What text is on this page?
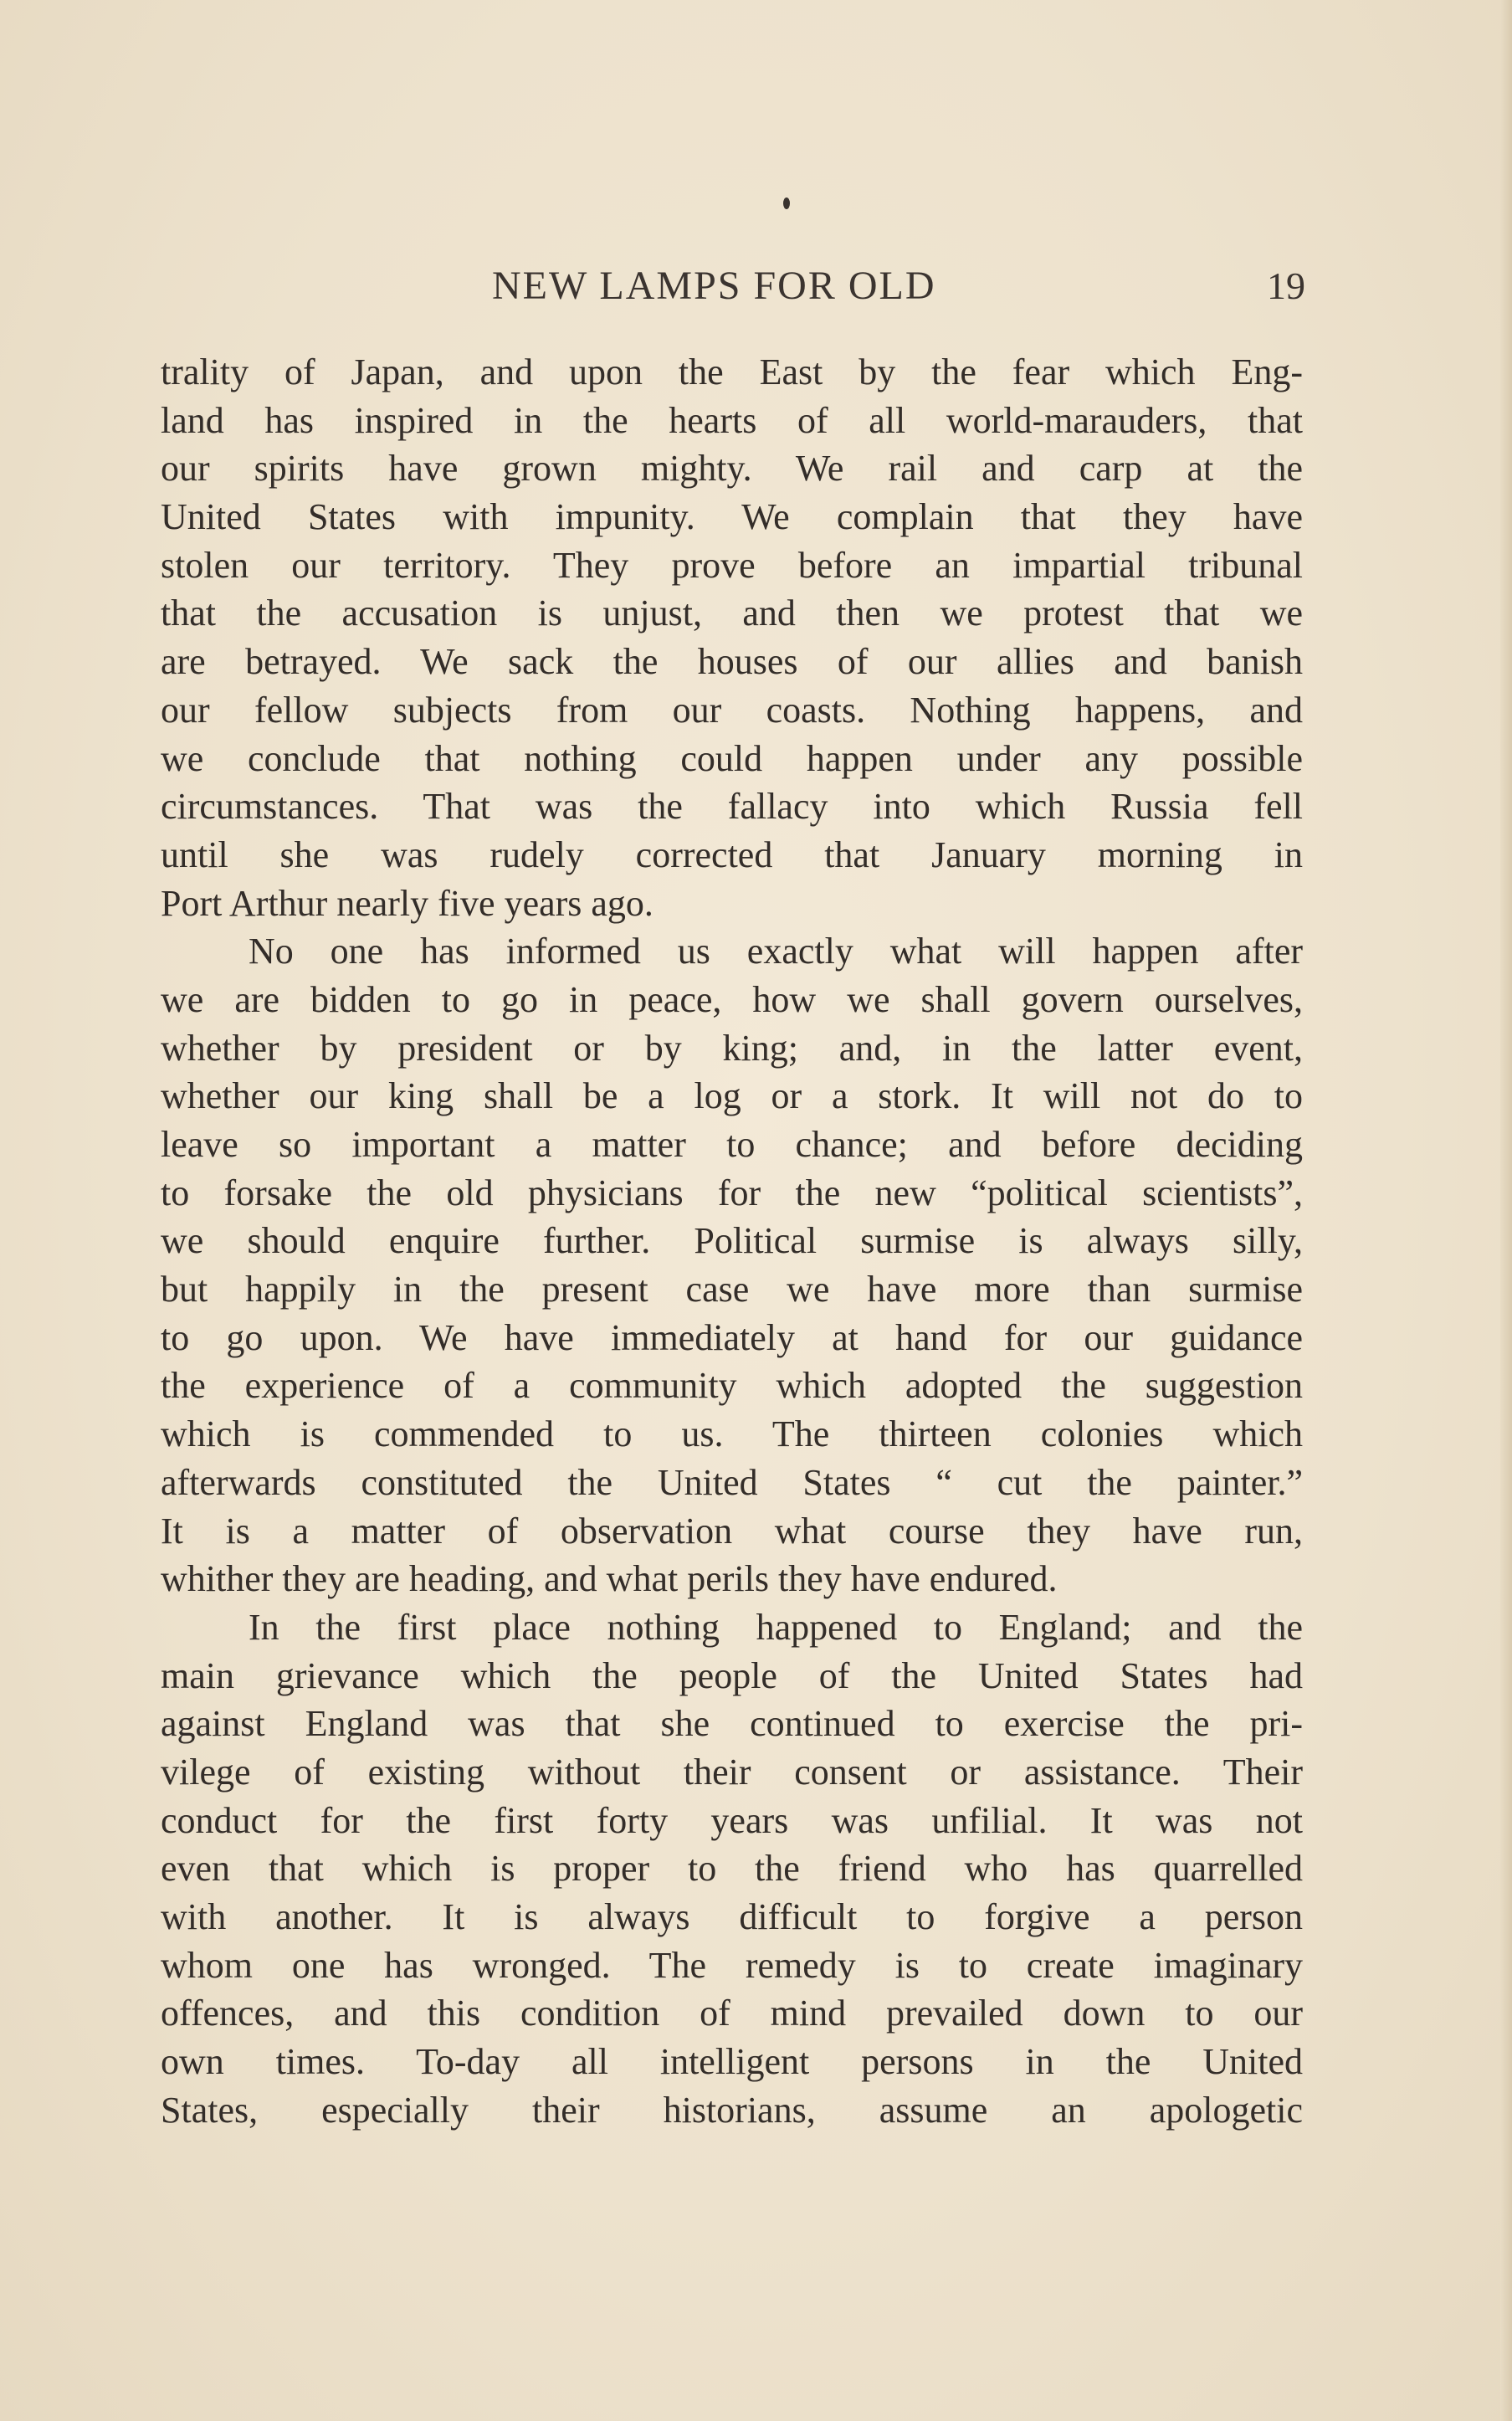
NEW LAMPS FOR OLD	19
trality of Japan, and upon the East by the fear which Eng-
land has inspired in the hearts of all world-marauders, that
our spirits have grown mighty. We rail and carp at the
United States with impunity. We complain that they have
stolen our territory. They prove before an impartial tribunal
that the accusation is unjust, and then we protest that we
are betrayed. We sack the houses of our allies and banish
our fellow subjects from our coasts. Nothing happens, and
we conclude that nothing could happen under any possible
circumstances. That was the fallacy into which Russia fell
until she was rudely corrected that January morning in
Port Arthur nearly five years ago.
No one has informed us exactly what will happen after
we are bidden to go in peace, how we shall govern ourselves,
whether by president or by king; and, in the latter event,
whether our king shall be a log or a stork. It will not do to
leave so important a matter to chance; and before deciding
to forsake the old physicians for the new “political scientists”,
we should enquire further. Political surmise is always silly,
but happily in the present case we have more than surmise
to go upon. We have immediately at hand for our guidance
the experience of a community which adopted the suggestion
which is commended to us. The thirteen colonies which
afterwards constituted the United States “ cut the painter.”
It is a matter of observation what course they have run,
whither they are heading, and what perils they have endured.
In the first place nothing happened to England; and the
main grievance which the people of the United States had
against England was that she continued to exercise the pri-
vilege of existing without their consent or assistance. Their
conduct for the first forty years was unfilial. It was not
even that which is proper to the friend who has quarrelled
with another. It is always difficult to forgive a person
whom one has wronged. The remedy is to create imaginary
offences, and this condition of mind prevailed down to our
own times. To-day all intelligent persons in the United
States, especially their historians, assume an apologetic
